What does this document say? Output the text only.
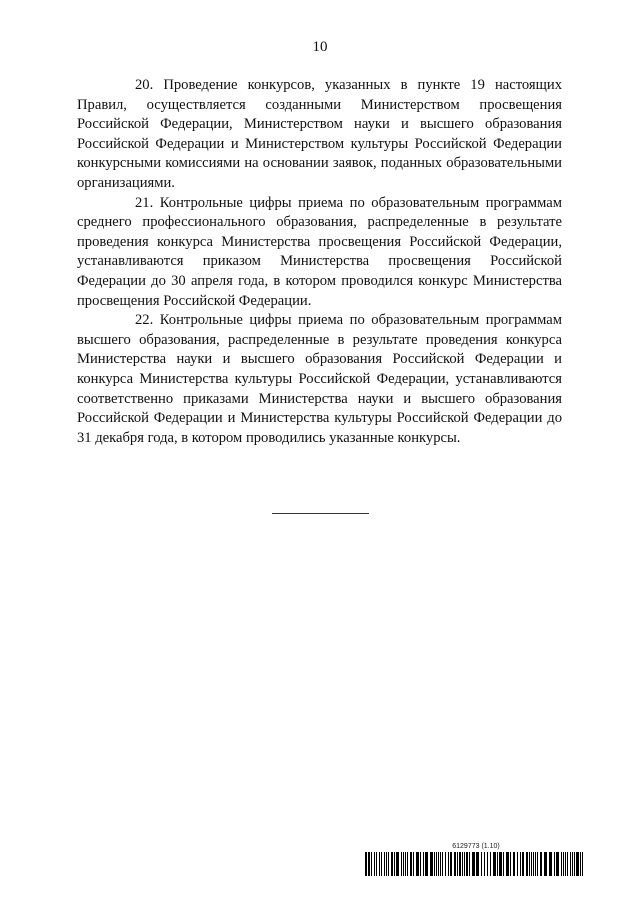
10

20. Проведение конкурсов, указанных в пункте 19 настоящих Правил, осуществляется созданными Министерством просвещения Российской Федерации, Министерством науки и высшего образования Российской Федерации и Министерством культуры Российской Федерации конкурсными комиссиями на основании заявок, поданных образовательными организациями.

21. Контрольные цифры приема по образовательным программам среднего профессионального образования, распределенные в результате проведения конкурса Министерства просвещения Российской Федерации, устанавливаются приказом Министерства просвещения Российской Федерации до 30 апреля года, в котором проводился конкурс Министерства просвещения Российской Федерации.

22. Контрольные цифры приема по образовательным программам высшего образования, распределенные в результате проведения конкурса Министерства науки и высшего образования Российской Федерации и конкурса Министерства культуры Российской Федерации, устанавливаются соответственно приказами Министерства науки и высшего образования Российской Федерации и Министерства культуры Российской Федерации до 31 декабря года, в котором проводились указанные конкурсы.

6129773 (1.10)
